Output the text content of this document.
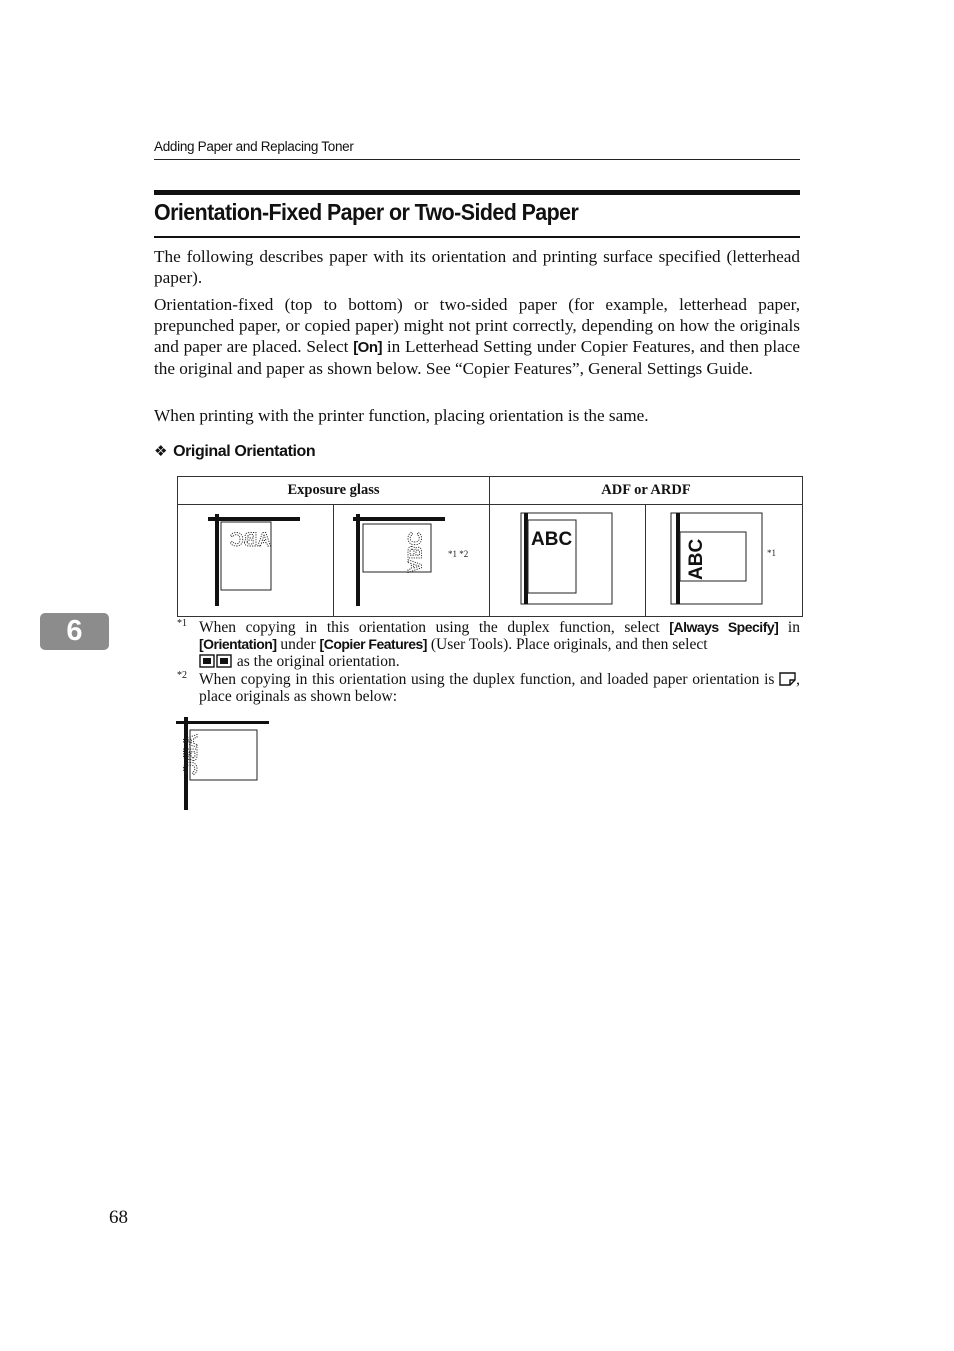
Adding Paper and Replacing Toner
Orientation-Fixed Paper or Two-Sided Paper
The following describes paper with its orientation and printing surface specified (letterhead paper).
Orientation-fixed (top to bottom) or two-sided paper (for example, letterhead paper, prepunched paper, or copied paper) might not print correctly, depending on how the originals and paper are placed. Select [On] in Letterhead Setting under Copier Features, and then place the original and paper as shown below. See “Copier Features”, General Settings Guide.
When printing with the printer function, placing orientation is the same.
❖ Original Orientation
Exposure glass		ADF or ARDF	

ABC	ABC *1 *2	ABC	ABC *1
*1 When copying in this orientation using the duplex function, select [Always Specify] in [Orientation] under [Copier Features] (User Tools). Place originals, and then select
as the original orientation.
*2 When copying in this orientation using the duplex function, and loaded paper orientation is , place originals as shown below:
ABC
6
68
